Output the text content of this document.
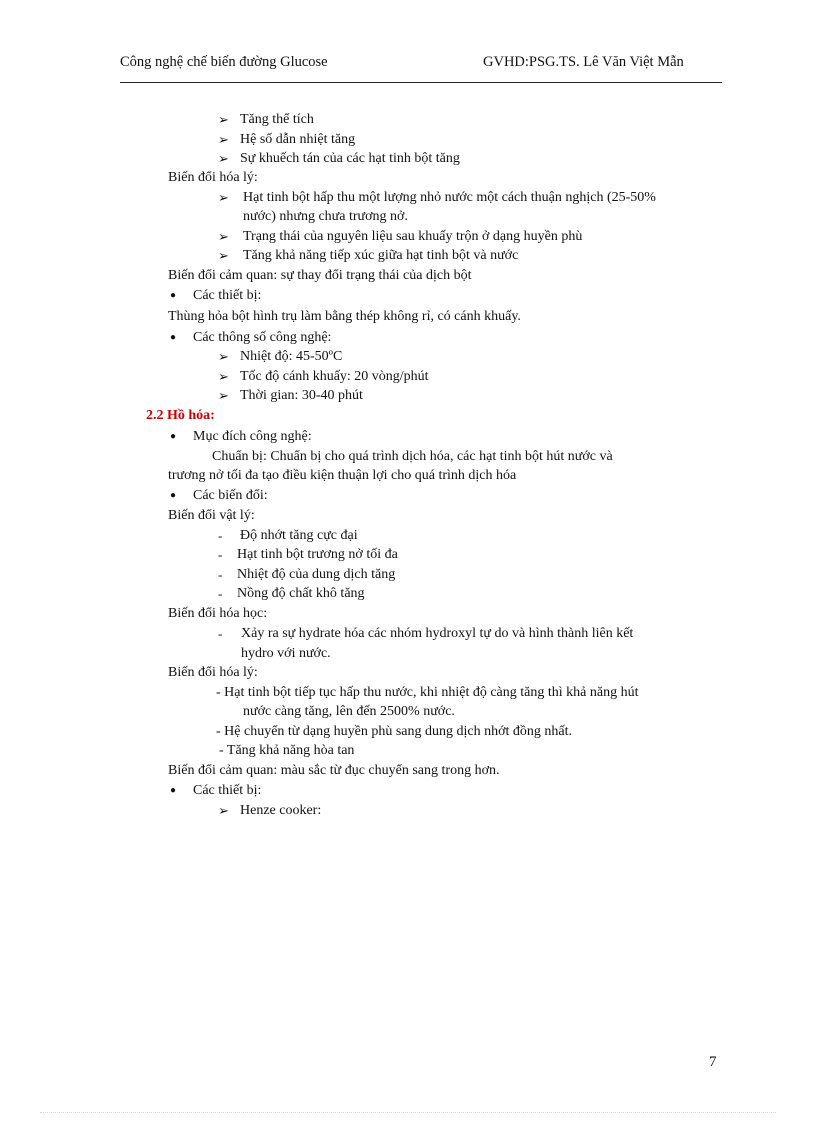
Công nghệ chế biến đường Glucose	GVHD:PSG.TS. Lê Văn Việt Mẫn
➢ Tăng thể tích
➢ Hệ số dẫn nhiệt tăng
➢ Sự khuếch tán của các hạt tinh bột tăng
Biến đổi hóa lý:
➢ Hạt tinh bột hấp thu một lượng nhỏ nước một cách thuận nghịch (25-50%
nước) nhưng chưa trương nở.
➢ Trạng thái của nguyên liệu sau khuấy trộn ở dạng huyền phù
➢ Tăng khả năng tiếp xúc giữa hạt tinh bột và nước
Biến đổi cảm quan: sự thay đổi trạng thái của dịch bột
● Các thiết bị:
Thùng hỏa bột hình trụ làm bằng thép không rỉ, có cánh khuấy.
● Các thông số công nghệ:
➢ Nhiệt độ: 45-50ºC
➢ Tốc độ cánh khuấy: 20 vòng/phút
➢ Thời gian: 30-40 phút
2.2 Hồ hóa:
● Mục đích công nghệ:
Chuẩn bị: Chuẩn bị cho quá trình dịch hóa, các hạt tinh bột hút nước và
trương nở tối đa tạo điều kiện thuận lợi cho quá trình dịch hóa
● Các biến đổi:
Biến đổi vật lý:
- Độ nhớt tăng cực đại
- Hạt tinh bột trương nở tối đa
- Nhiệt độ của dung dịch tăng
- Nồng độ chất khô tăng
Biến đổi hóa học:
- Xảy ra sự hydrate hóa các nhóm hydroxyl tự do và hình thành liên kết
hydro với nước.
Biến đổi hóa lý:
- Hạt tinh bột tiếp tục hấp thu nước, khi nhiệt độ càng tăng thì khả năng hút
nước càng tăng, lên đến 2500% nước.
- Hệ chuyển từ dạng huyền phù sang dung dịch nhớt đồng nhất.
- Tăng khả năng hòa tan
Biến đổi cảm quan: màu sắc từ đục chuyển sang trong hơn.
● Các thiết bị:
➢ Henze cooker:
7
